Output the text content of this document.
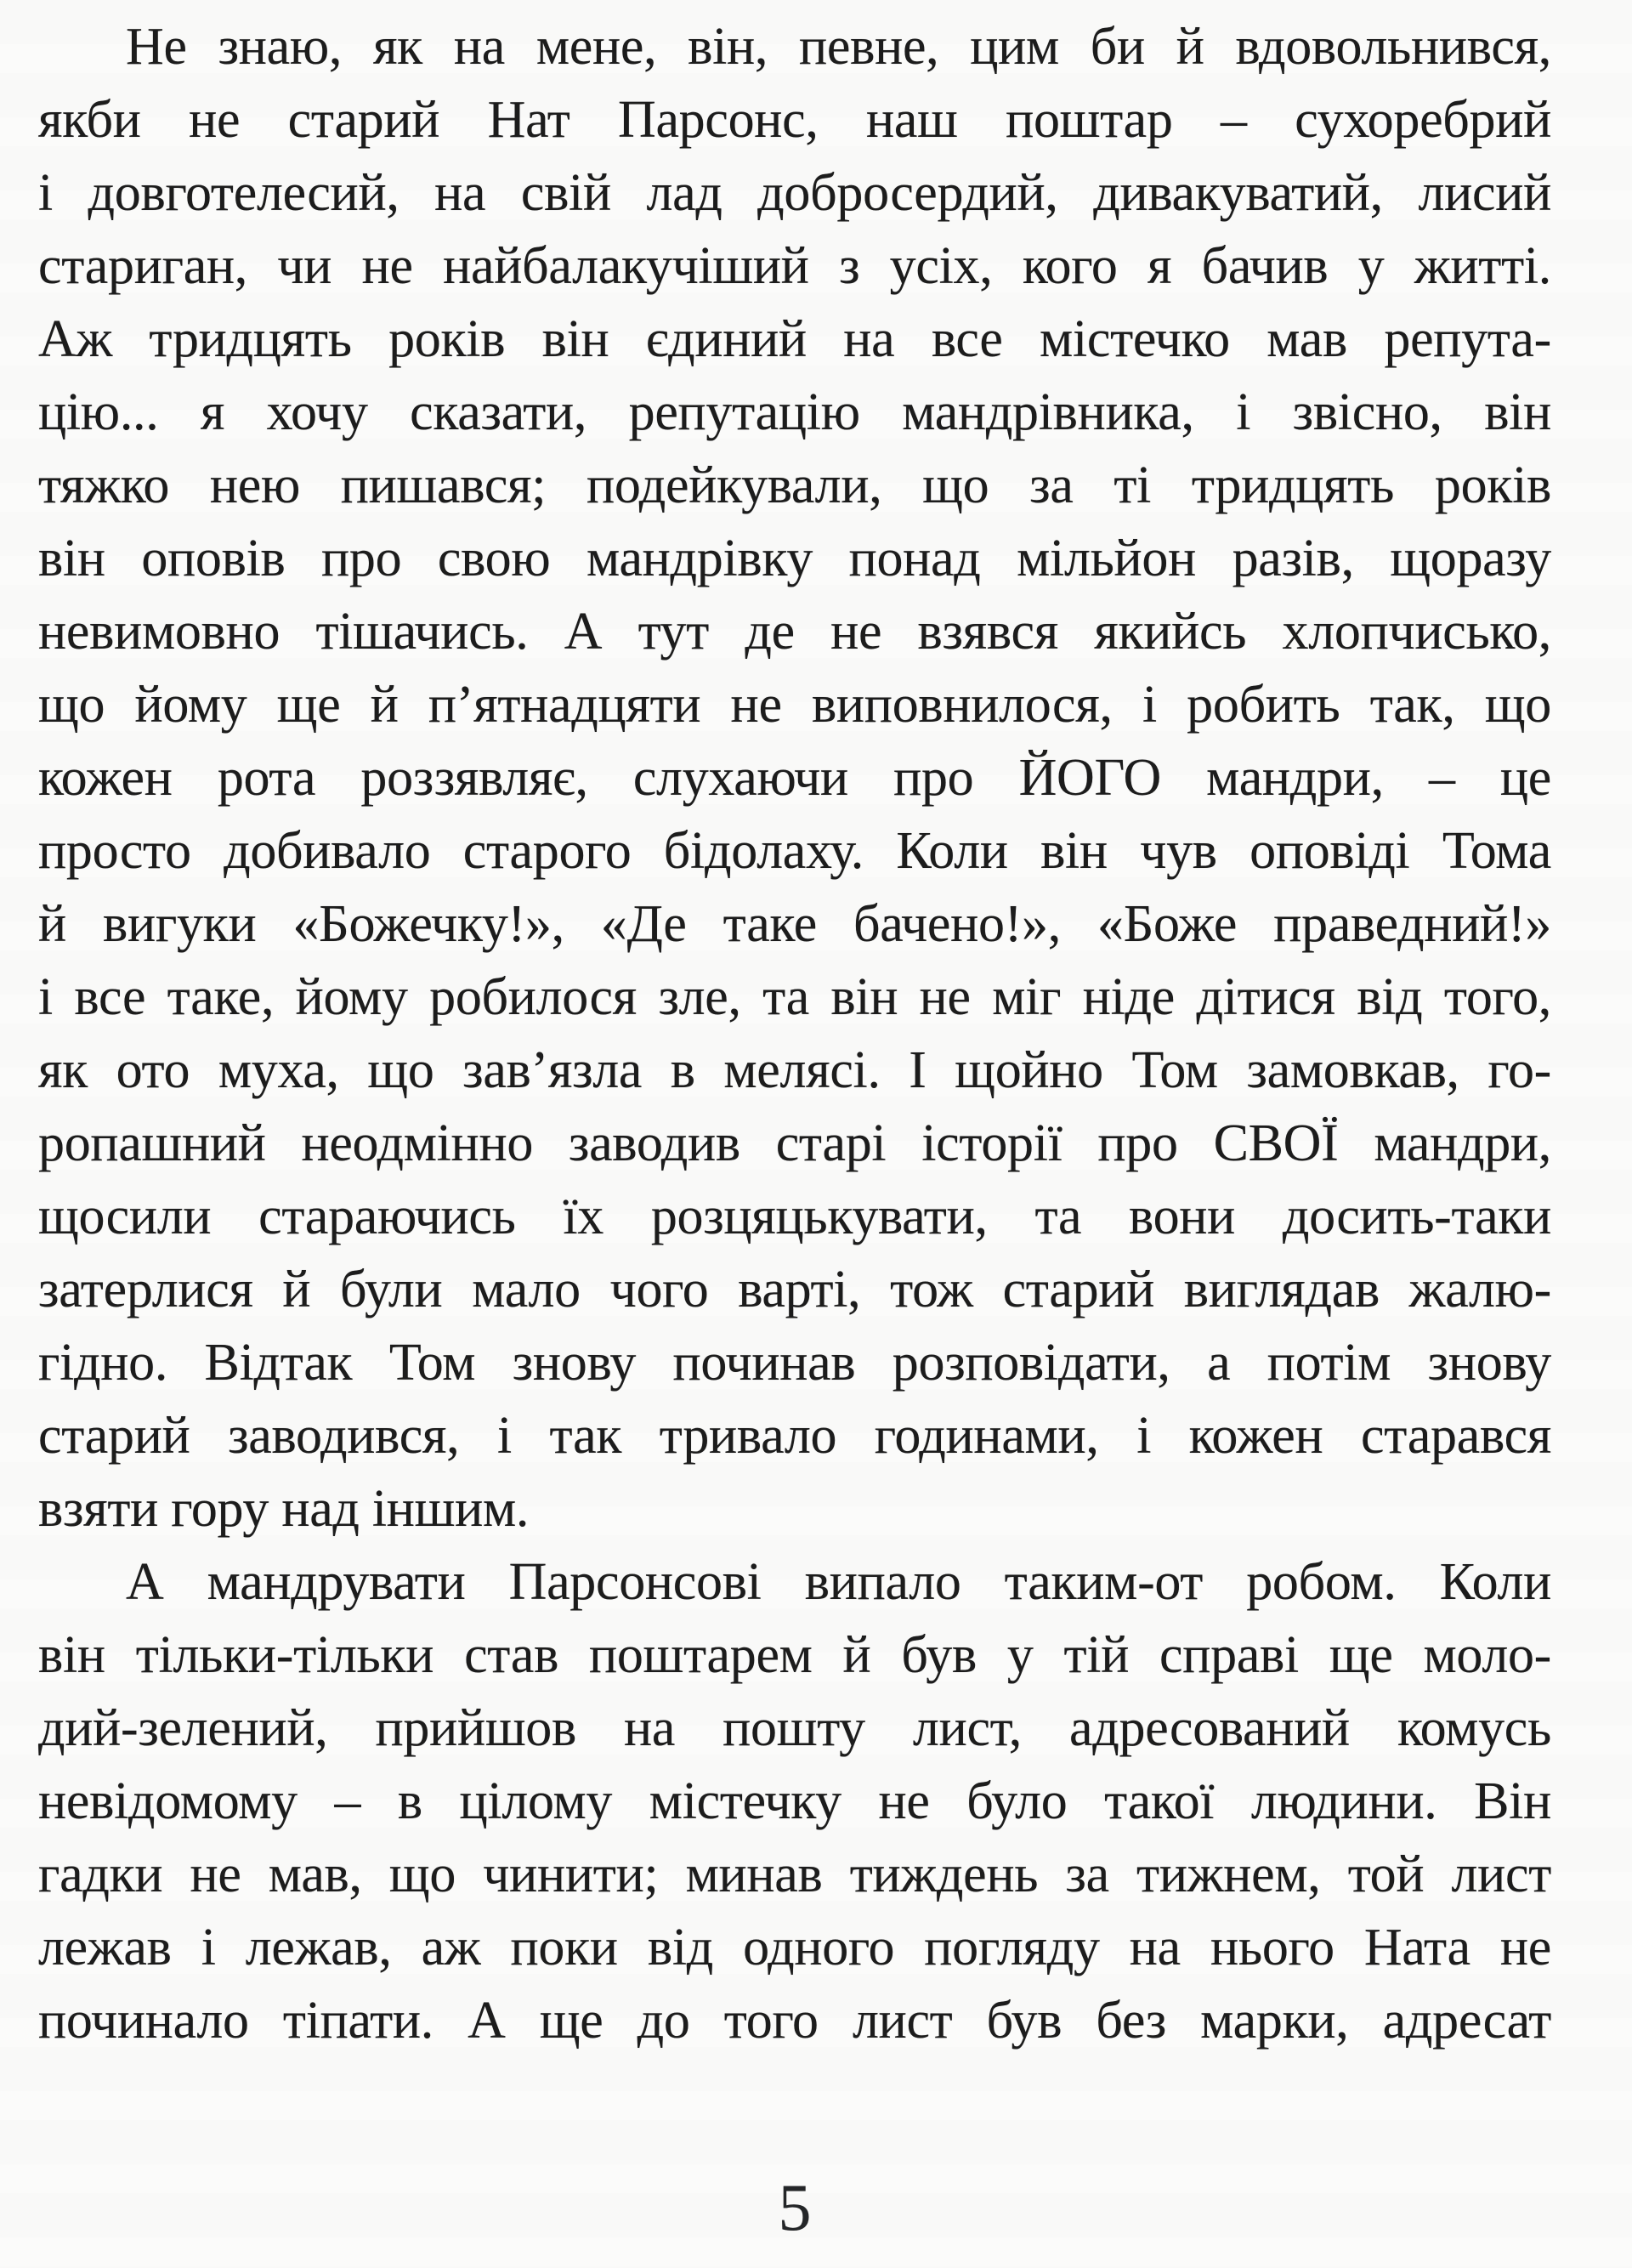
Не знаю, як на мене, він, певне, цим би й вдовольнився,
якби не старий Нат Парсонс, наш поштар – сухоребрий
і довготелесий, на свій лад добросердий, дивакуватий, лисий
стариган, чи не найбалакучіший з усіх, кого я бачив у житті.
Аж тридцять років він єдиний на все містечко мав репута-
цію... я хочу сказати, репутацію мандрівника, і звісно, він
тяжко нею пишався; подейкували, що за ті тридцять років
він оповів про свою мандрівку понад мільйон разів, щоразу
невимовно тішачись. А тут де не взявся якийсь хлопчисько,
що йому ще й п’ятнадцяти не виповнилося, і робить так, що
кожен рота роззявляє, слухаючи про ЙОГО мандри, – це
просто добивало старого бідолаху. Коли він чув оповіді Тома
й вигуки «Божечку!», «Де таке бачено!», «Боже праведний!»
і все таке, йому робилося зле, та він не міг ніде дітися від того,
як ото муха, що зав’язла в мелясі. І щойно Том замовкав, го-
ропашний неодмінно заводив старі історії про СВОЇ мандри,
щосили стараючись їх розцяцькувати, та вони досить-таки
затерлися й були мало чого варті, тож старий виглядав жалю-
гідно. Відтак Том знову починав розповідати, а потім знову
старий заводився, і так тривало годинами, і кожен старався
взяти гору над іншим.
А мандрувати Парсонсові випало таким-от робом. Коли
він тільки-тільки став поштарем й був у тій справі ще моло-
дий-зелений, прийшов на пошту лист, адресований комусь
невідомому – в цілому містечку не було такої людини. Він
гадки не мав, що чинити; минав тиждень за тижнем, той лист
лежав і лежав, аж поки від одного погляду на нього Ната не
починало тіпати. А ще до того лист був без марки, адресат
5
